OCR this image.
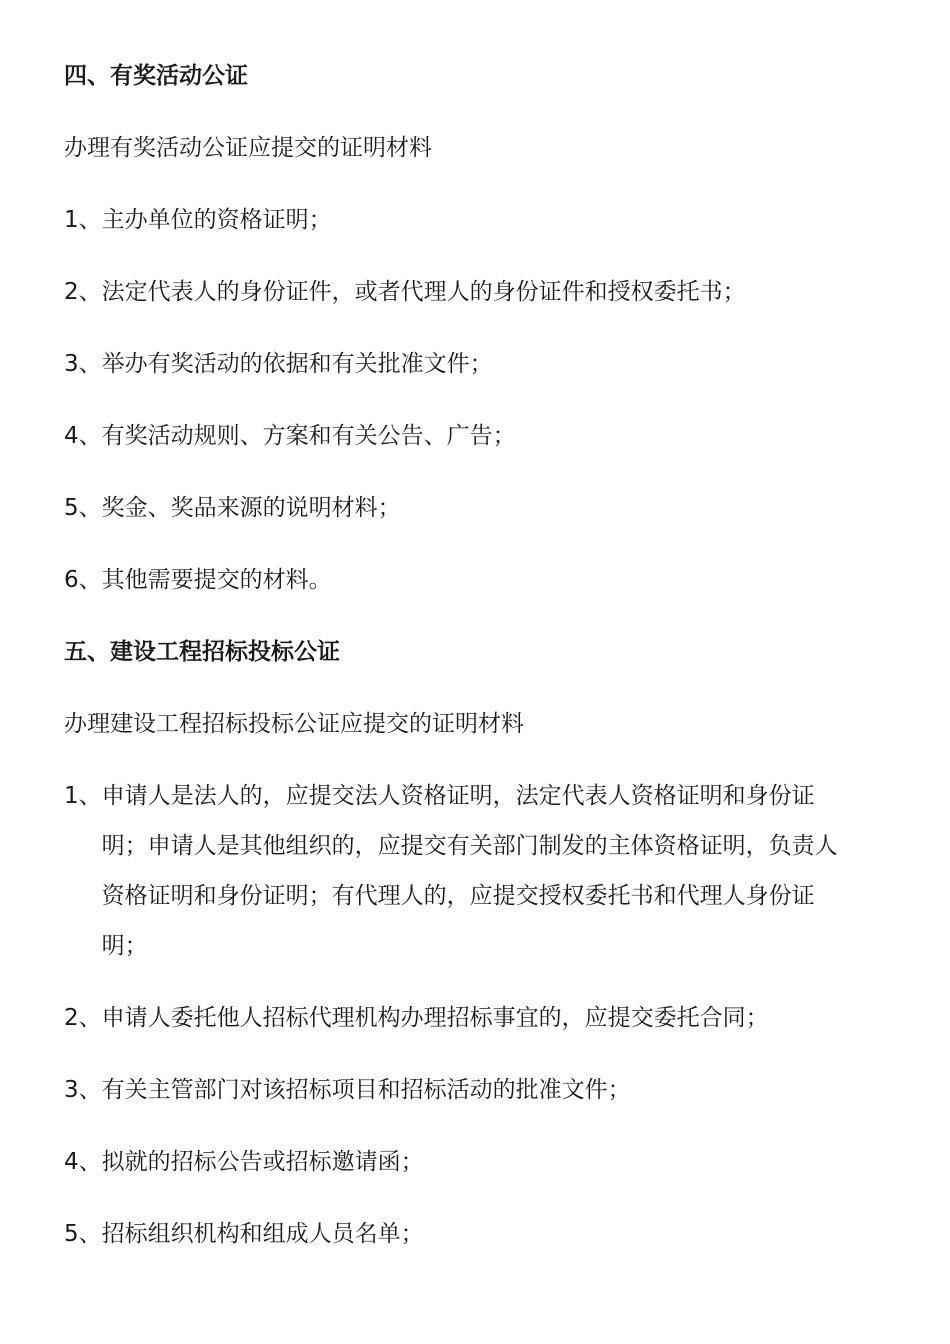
四、有奖活动公证
办理有奖活动公证应提交的证明材料
1、 主办单位的资格证明；
2、 法定代表人的身份证件，或者代理人的身份证件和授权委托书；
3、 举办有奖活动的依据和有关批准文件；
4、 有奖活动规则、方案和有关公告、广告；
5、 奖金、奖品来源的说明材料；
6、 其他需要提交的材料。
五、建设工程招标投标公证
办理建设工程招标投标公证应提交的证明材料
1、 申请人是法人的，应提交法人资格证明，法定代表人资格证明和身份证明；申请人是其他组织的，应提交有关部门制发的主体资格证明，负责人资格证明和身份证明；有代理人的，应提交授权委托书和代理人身份证明；
2、 申请人委托他人招标代理机构办理招标事宜的，应提交委托合同；
3、 有关主管部门对该招标项目和招标活动的批准文件；
4、 拟就的招标公告或招标邀请函；
5、 招标组织机构和组成人员名单；
